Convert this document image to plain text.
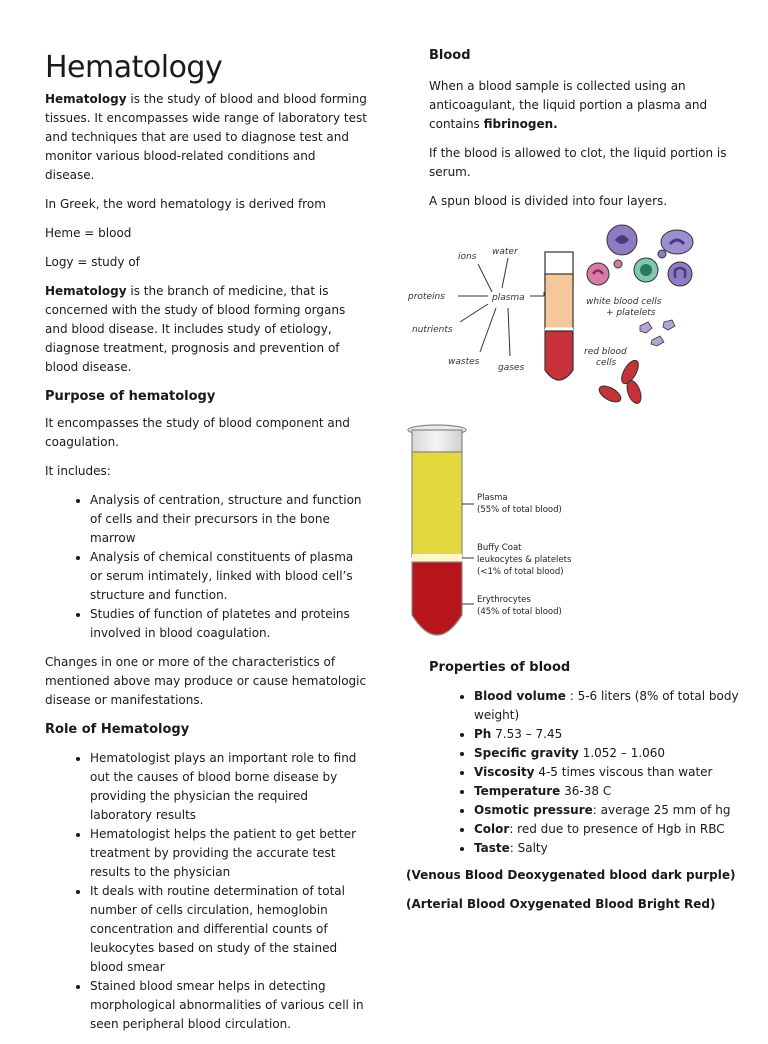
Hematology

Hematology is the study of blood and blood forming tissues. It encompasses wide range of laboratory test and techniques that are used to diagnose test and monitor various blood-related conditions and disease.

In Greek, the word hematology is derived from

Heme = blood

Logy = study of

Hematology is the branch of medicine, that is concerned with the study of blood forming organs and blood disease. It includes study of etiology, diagnose treatment, prognosis and prevention of blood disease.

Purpose of hematology

It encompasses the study of blood component and coagulation.

It includes:

• Analysis of centration, structure and function of cells and their precursors in the bone marrow
• Analysis of chemical constituents of plasma or serum intimately, linked with blood cell’s structure and function.
• Studies of function of platetes and proteins involved in blood coagulation.

Changes in one or more of the characteristics of mentioned above may produce or cause hematologic disease or manifestations.

Role of Hematology
• Hematologist plays an important role to find out the causes of blood borne disease by providing the physician the required laboratory results
• Hematologist helps the patient to get better treatment by providing the accurate test results to the physician
• It deals with routine determination of total number of cells circulation, hemoglobin concentration and differential counts of leukocytes based on study of the stained blood smear
• Stained blood smear helps in detecting morphological abnormalities of various cell in seen peripheral blood circulation.
Blood

When a blood sample is collected using an anticoagulant, the liquid portion a plasma and contains fibrinogen.

If the blood is allowed to clot, the liquid portion is serum.

A spun blood is divided into four layers.

ions water
proteins	plasma
nutrients
wastes
gases
white blood cells
+ platelets
red blood
cells
Plasma
(55% of total blood)
Buffy Coat
leukocytes & platelets
(<1% of total blood)
Erythrocytes
(45% of total blood)
Properties of blood
• Blood volume : 5-6 liters (8% of total body weight)
• Ph 7.53 – 7.45
• Specific gravity 1.052 – 1.060
• Viscosity 4-5 times viscous than water
• Temperature 36-38 C
• Osmotic pressure: average 25 mm of hg
• Color: red due to presence of Hgb in RBC
• Taste: Salty

(Venous Blood Deoxygenated blood dark purple)

(Arterial Blood Oxygenated Blood Bright Red)
